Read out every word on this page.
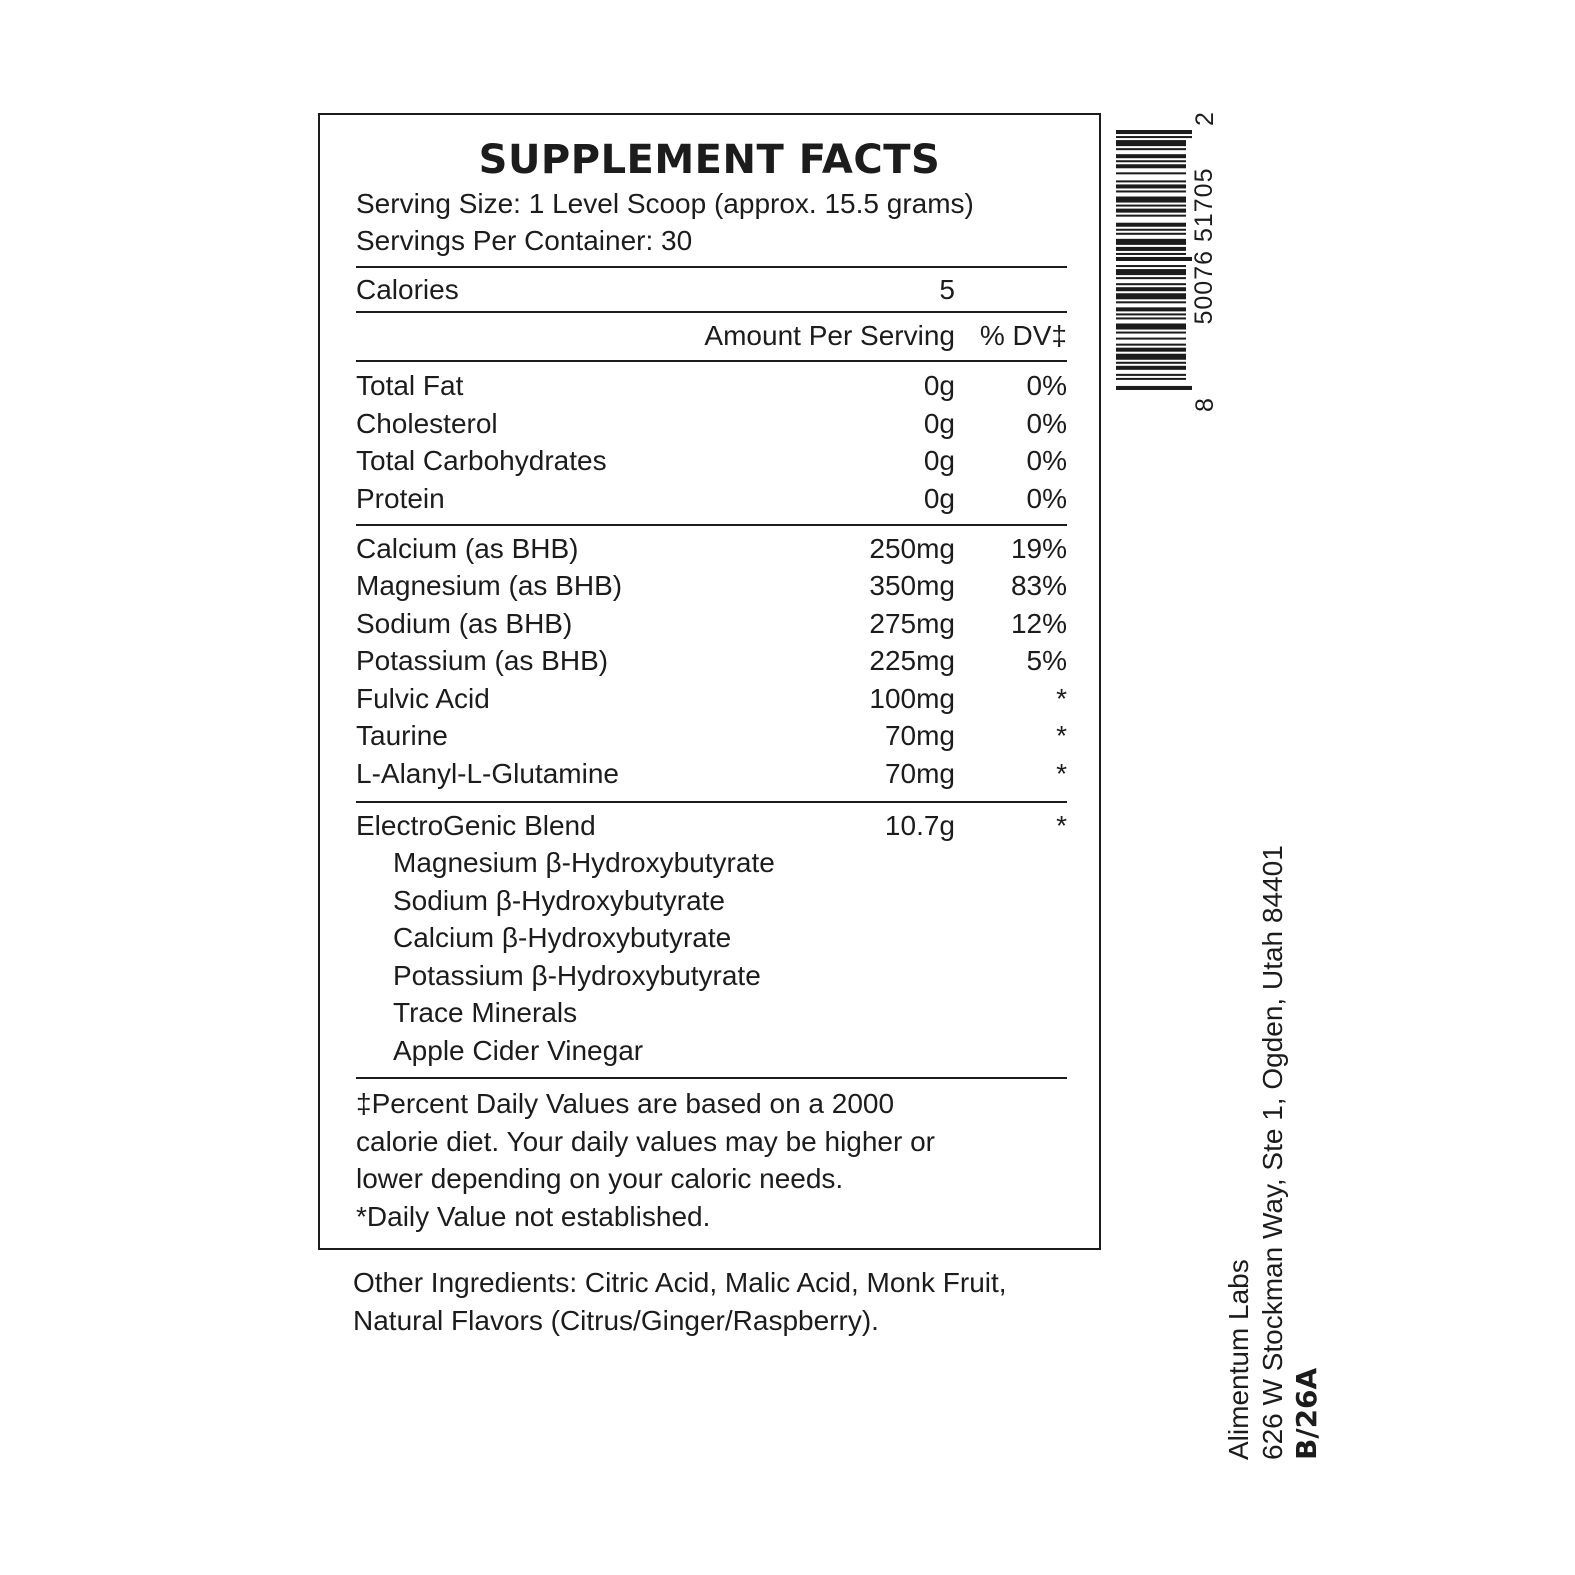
SUPPLEMENT FACTS
Serving Size: 1 Level Scoop (approx. 15.5 grams)
Servings Per Container: 30
Calories	5
Amount Per Serving % DV‡
Total Fat	0g	0%
Cholesterol	0g	0%
Total Carbohydrates	0g	0%
Protein	0g	0%
Calcium (as BHB)	250mg 19%
Magnesium (as BHB)	350mg 83%
Sodium (as BHB)	275mg 12%
Potassium (as BHB)	225mg	5%
Fulvic Acid	100mg	*
Taurine	70mg	*
L-Alanyl-L-Glutamine	70mg	*
ElectroGenic Blend	10.7g	*
Magnesium β-Hydroxybutyrate
Sodium β-Hydroxybutyrate
Calcium β-Hydroxybutyrate
Potassium β-Hydroxybutyrate
Trace Minerals
Apple Cider Vinegar
‡Percent Daily Values are based on a 2000
calorie diet. Your daily values may be higher or
lower depending on your caloric needs.
*Daily Value not established.
Other Ingredients: Citric Acid, Malic Acid, Monk Fruit,
Natural Flavors (Citrus/Ginger/Raspberry).
8
50076 51705
2
Alimentum Labs 626 W Stockman Way, Ste 1, Ogden, Utah 84401 B/26A
